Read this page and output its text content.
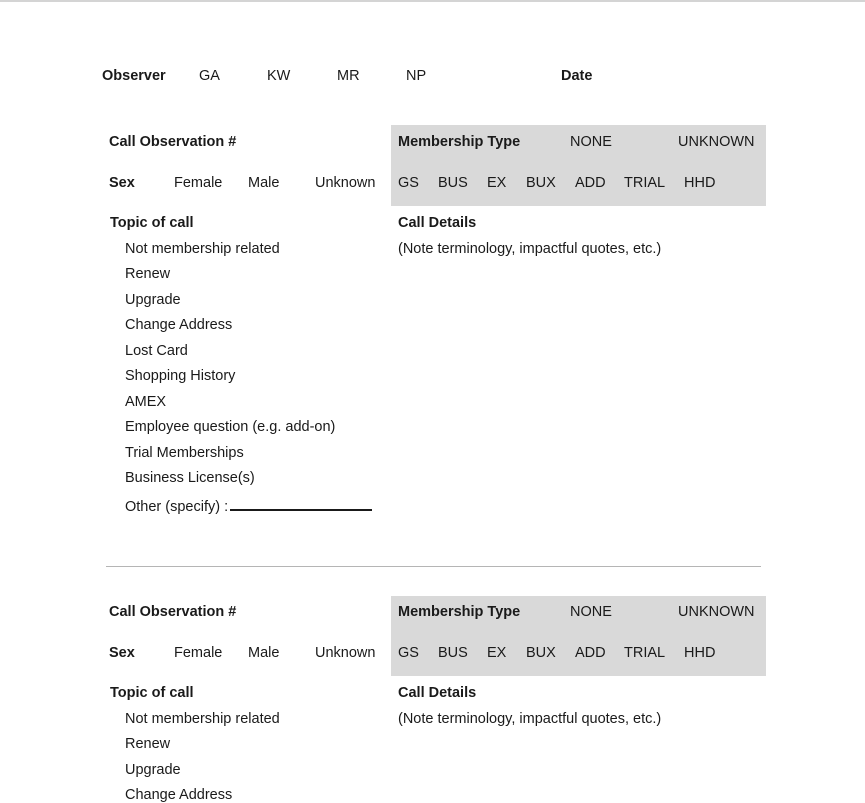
Observer GA	KW	MR	NP	Date
Call Observation #
Sex	Female Male Unknown
Membership Type	NONE	UNKNOWN
GS BUS EX BUX ADD TRIAL HHD
Topic of call
Not membership related
Renew
Upgrade
Change Address
Lost Card
Shopping History
AMEX
Employee question (e.g. add-on)
Trial Memberships
Business License(s)
Other (specify) :
Call Details
(Note terminology, impactful quotes, etc.)
Call Observation #
Sex	Female Male Unknown
Membership Type	NONE	UNKNOWN
GS BUS EX BUX ADD TRIAL HHD
Topic of call
Not membership related
Renew
Upgrade
Change Address
Call Details
(Note terminology, impactful quotes, etc.)
